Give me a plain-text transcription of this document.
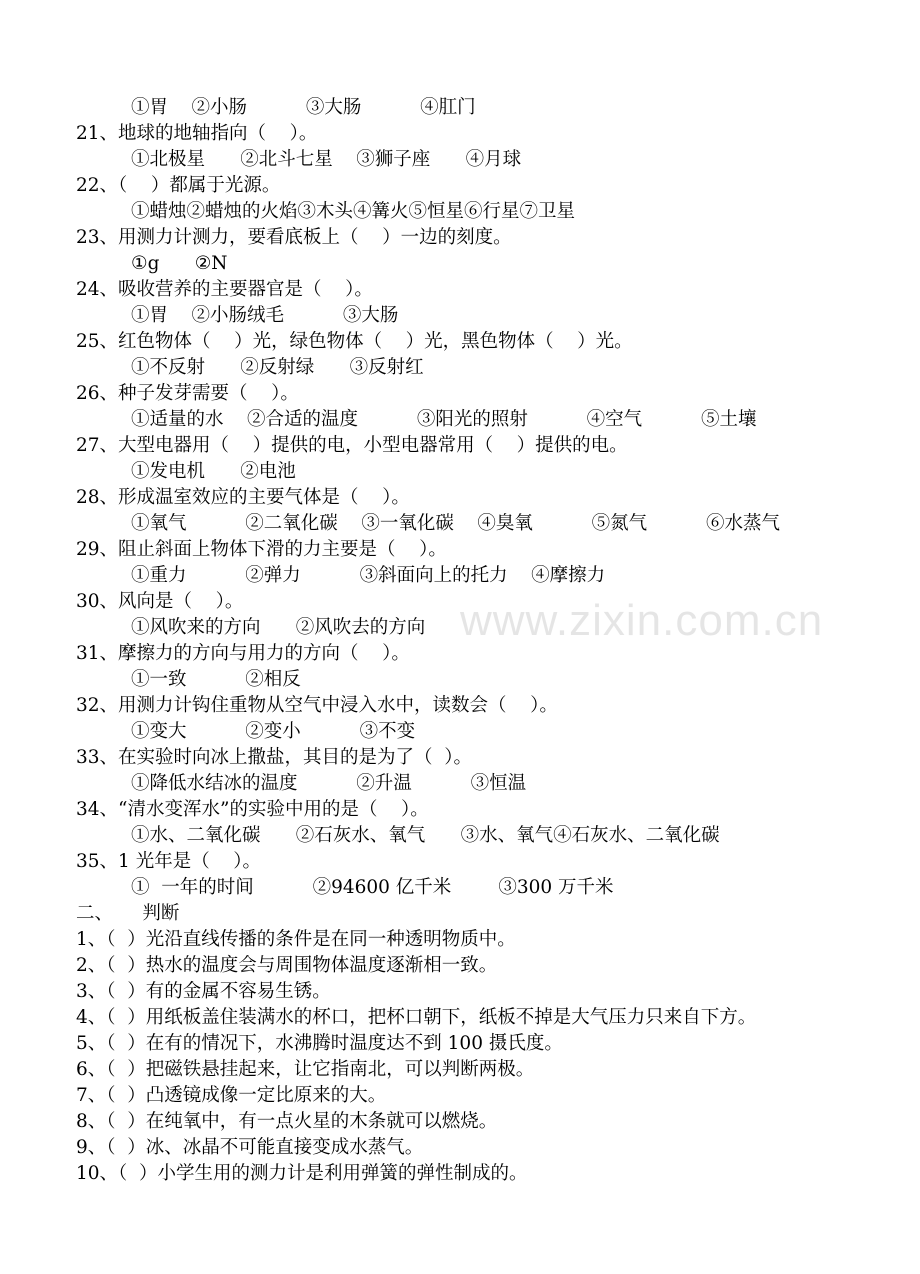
www.zixin.com.cn
①胃    ②小肠          ③大肠          ④肛门
21、地球的地轴指向（    ）。
①北极星      ②北斗七星    ③狮子座      ④月球
22、（    ）都属于光源。
①蜡烛②蜡烛的火焰③木头④篝火⑤恒星⑥行星⑦卫星
23、用测力计测力，要看底板上（    ）一边的刻度。
①g      ②N
24、吸收营养的主要器官是（    ）。
①胃    ②小肠绒毛          ③大肠
25、红色物体（    ）光，绿色物体（    ）光，黑色物体（    ）光。
①不反射      ②反射绿      ③反射红
26、种子发芽需要（    ）。
①适量的水    ②合适的温度          ③阳光的照射          ④空气          ⑤土壤
27、大型电器用（    ）提供的电，小型电器常用（    ）提供的电。
①发电机      ②电池
28、形成温室效应的主要气体是（    ）。
①氧气          ②二氧化碳    ③一氧化碳    ④臭氧          ⑤氮气          ⑥水蒸气
29、阻止斜面上物体下滑的力主要是（    ）。
①重力          ②弹力          ③斜面向上的托力    ④摩擦力
30、风向是（    ）。
①风吹来的方向      ②风吹去的方向
31、摩擦力的方向与用力的方向（    ）。
①一致          ②相反
32、用测力计钩住重物从空气中浸入水中，读数会（    ）。
①变大          ②变小          ③不变
33、在实验时向冰上撒盐，其目的是为了（  ）。
①降低水结冰的温度          ②升温          ③恒温
34、“清水变浑水”的实验中用的是（    ）。
①水、二氧化碳      ②石灰水、氧气      ③水、氧气④石灰水、二氧化碳
35、1 光年是（    ）。
①  一年的时间          ②94600 亿千米        ③300 万千米
二、     判断
1、（  ）光沿直线传播的条件是在同一种透明物质中。
2、（  ）热水的温度会与周围物体温度逐渐相一致。
3、（  ）有的金属不容易生锈。
4、（  ）用纸板盖住装满水的杯口，把杯口朝下，纸板不掉是大气压力只来自下方。
5、（  ）在有的情况下，水沸腾时温度达不到 100 摄氏度。
6、（  ）把磁铁悬挂起来，让它指南北，可以判断两极。
7、（  ）凸透镜成像一定比原来的大。
8、（  ）在纯氧中，有一点火星的木条就可以燃烧。
9、（  ）冰、冰晶不可能直接变成水蒸气。
10、（  ）小学生用的测力计是利用弹簧的弹性制成的。
